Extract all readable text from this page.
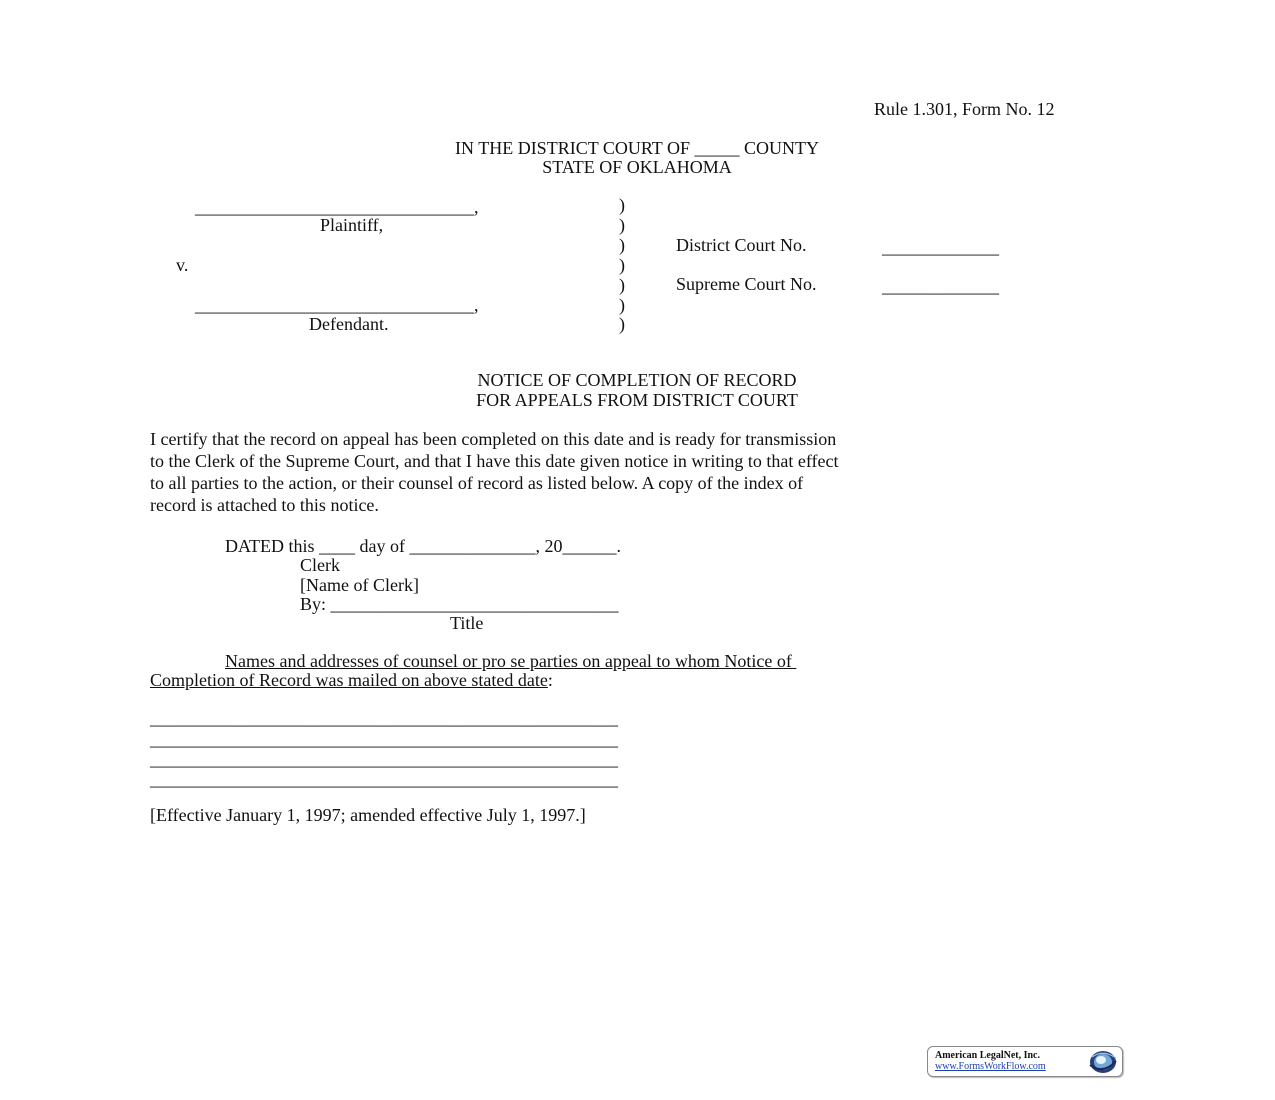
Rule 1.301, Form No. 12
IN THE DISTRICT COURT OF _____ COUNTY
STATE OF OKLAHOMA
_______________________________,
Plaintiff,
v.
_______________________________,
Defendant.
)
)
)
)
)
)
)
District Court No.	_____________
Supreme Court No.	_____________
NOTICE OF COMPLETION OF RECORD
FOR APPEALS FROM DISTRICT COURT
I certify that the record on appeal has been completed on this date and is ready for transmission
to the Clerk of the Supreme Court, and that I have this date given notice in writing to that effect
to all parties to the action, or their counsel of record as listed below. A copy of the index of
record is attached to this notice.
DATED this ____ day of ______________, 20______.
Clerk
[Name of Clerk]
By: ________________________________
Title
Names and addresses of counsel or pro se parties on appeal to whom Notice of
Completion of Record was mailed on above stated date:
____________________________________________________
____________________________________________________
____________________________________________________
____________________________________________________
[Effective January 1, 1997; amended effective July 1, 1997.]
American LegalNet, Inc.
www.FormsWorkFlow.com
